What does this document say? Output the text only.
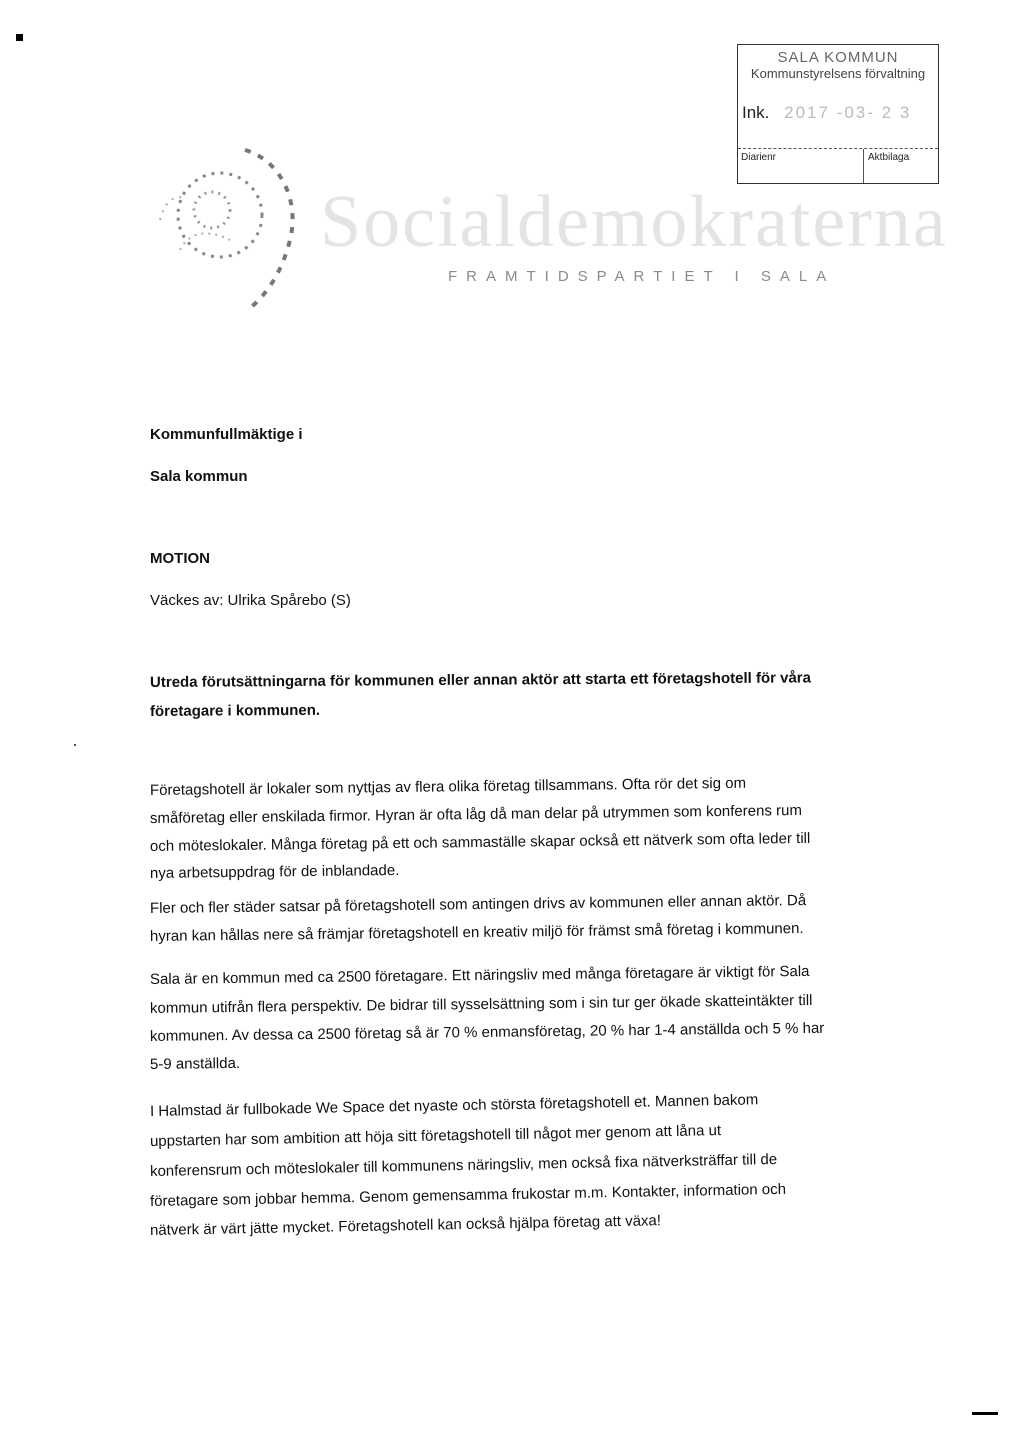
SALA KOMMUN
Kommunstyrelsens förvaltning
Ink. 2017 -03- 2 3
Diarienr	Aktbilaga
Socialdemokraterna
FRAMTIDSPARTIET I SALA
Kommunfullmäktige i
Sala kommun
MOTION
Väckes av: Ulrika Spårebo (S)
Utreda förutsättningarna för kommunen eller annan aktör att starta ett företagshotell för våra
företagare i kommunen.
Företagshotell är lokaler som nyttjas av flera olika företag tillsammans. Ofta rör det sig om
småföretag eller enskilada firmor. Hyran är ofta låg då man delar på utrymmen som konferens rum
och möteslokaler. Många företag på ett och sammaställe skapar också ett nätverk som ofta leder till
nya arbetsuppdrag för de inblandade.
Fler och fler städer satsar på företagshotell som antingen drivs av kommunen eller annan aktör. Då
hyran kan hållas nere så främjar företagshotell en kreativ miljö för främst små företag i kommunen.
Sala är en kommun med ca 2500 företagare. Ett näringsliv med många företagare är viktigt för Sala
kommun utifrån flera perspektiv. De bidrar till sysselsättning som i sin tur ger ökade skatteintäkter till
kommunen. Av dessa ca 2500 företag så är 70 % enmansföretag, 20 % har 1-4 anställda och 5 % har
5-9 anställda.
I Halmstad är fullbokade We Space det nyaste och största företagshotell et. Mannen bakom
uppstarten har som ambition att höja sitt företagshotell till något mer genom att låna ut
konferensrum och möteslokaler till kommunens näringsliv, men också fixa nätverksträffar till de
företagare som jobbar hemma. Genom gemensamma frukostar m.m. Kontakter, information och
nätverk är värt jätte mycket. Företagshotell kan också hjälpa företag att växa!
